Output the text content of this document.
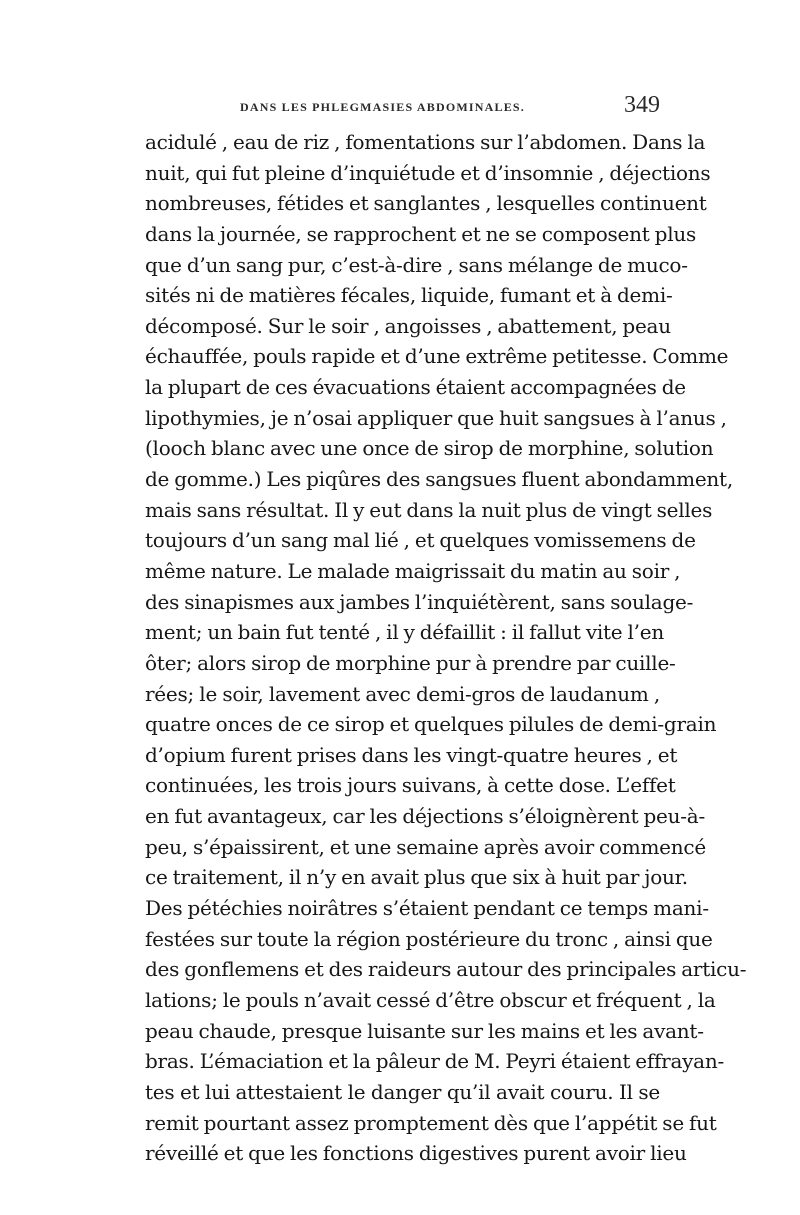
DANS LES PHLEGMASIES ABDOMINALES.	349
acidulé , eau de riz , fomentations sur l’abdomen. Dans la
nuit, qui fut pleine d’inquiétude et d’insomnie , déjections
nombreuses, fétides et sanglantes , lesquelles continuent
dans la journée, se rapprochent et ne se composent plus
que d’un sang pur, c’est-à-dire , sans mélange de muco-
sités ni de matières fécales, liquide, fumant et à demi-
décomposé. Sur le soir , angoisses , abattement, peau
échauffée, pouls rapide et d’une extrême petitesse. Comme
la plupart de ces évacuations étaient accompagnées de
lipothymies, je n’osai appliquer que huit sangsues à l’anus ,
(looch blanc avec une once de sirop de morphine, solution
de gomme.) Les piqûres des sangsues fluent abondamment,
mais sans résultat. Il y eut dans la nuit plus de vingt selles
toujours d’un sang mal lié , et quelques vomissemens de
même nature. Le malade maigrissait du matin au soir ,
des sinapismes aux jambes l’inquiétèrent, sans soulage-
ment; un bain fut tenté , il y défaillit : il fallut vite l’en
ôter; alors sirop de morphine pur à prendre par cuille-
rées; le soir, lavement avec demi-gros de laudanum ,
quatre onces de ce sirop et quelques pilules de demi-grain
d’opium furent prises dans les vingt-quatre heures , et
continuées, les trois jours suivans, à cette dose. L’effet
en fut avantageux, car les déjections s’éloignèrent peu-à-
peu, s’épaissirent, et une semaine après avoir commencé
ce traitement, il n’y en avait plus que six à huit par jour.
Des pétéchies noirâtres s’étaient pendant ce temps mani-
festées sur toute la région postérieure du tronc , ainsi que
des gonflemens et des raideurs autour des principales articu-
lations; le pouls n’avait cessé d’être obscur et fréquent , la
peau chaude, presque luisante sur les mains et les avant-
bras. L’émaciation et la pâleur de M. Peyri étaient effrayan-
tes et lui attestaient le danger qu’il avait couru. Il se
remit pourtant assez promptement dès que l’appétit se fut
réveillé et que les fonctions digestives purent avoir lieu
